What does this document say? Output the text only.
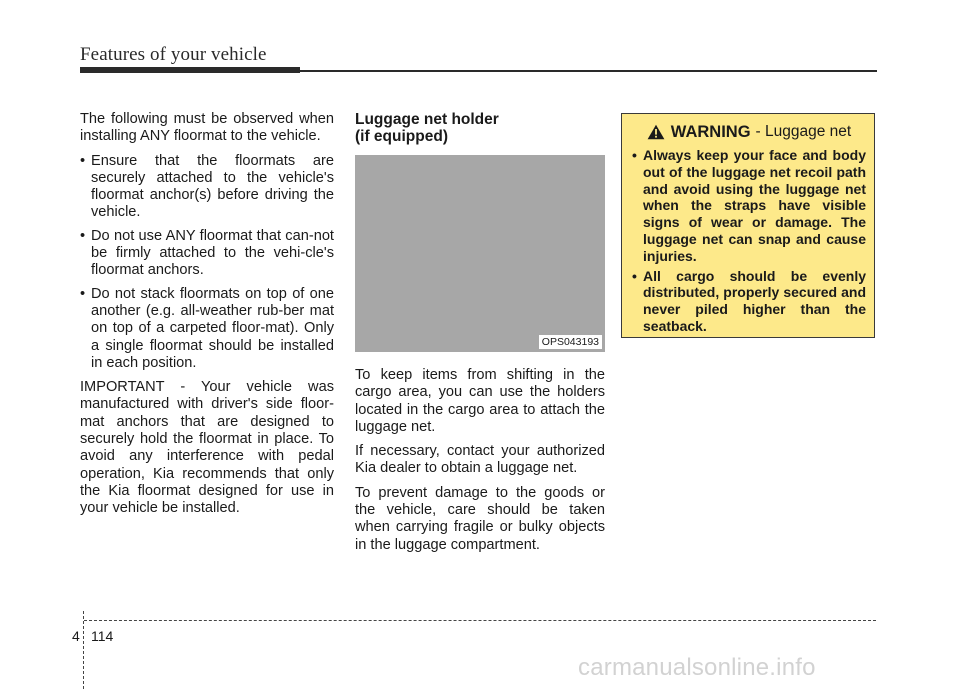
Features of your vehicle

The following must be observed when installing ANY floormat to the vehicle.

• Ensure that the floormats are securely attached to the vehicle's floormat anchor(s) before driving the vehicle.
• Do not use ANY floormat that can-not be firmly attached to the vehi-cle's floormat anchors.
• Do not stack floormats on top of one another (e.g. all-weather rub-ber mat on top of a carpeted floor-mat). Only a single floormat should be installed in each position.

IMPORTANT - Your vehicle was manufactured with driver's side floor-mat anchors that are designed to securely hold the floormat in place. To avoid any interference with pedal operation, Kia recommends that only the Kia floormat designed for use in your vehicle be installed.

Luggage net holder
(if equipped)
OPS043193

To keep items from shifting in the cargo area, you can use the holders located in the cargo area to attach the luggage net.

If necessary, contact your authorized Kia dealer to obtain a luggage net.

To prevent damage to the goods or the vehicle, care should be taken when carrying fragile or bulky objects in the luggage compartment.

WARNING - Luggage net
• Always keep your face and body out of the luggage net recoil path and avoid using the luggage net when the straps have visible signs of wear or damage. The luggage net can snap and cause injuries.
• All cargo should be evenly distributed, properly secured and never piled higher than the seatback.
4 114
carmanualsonline.info
